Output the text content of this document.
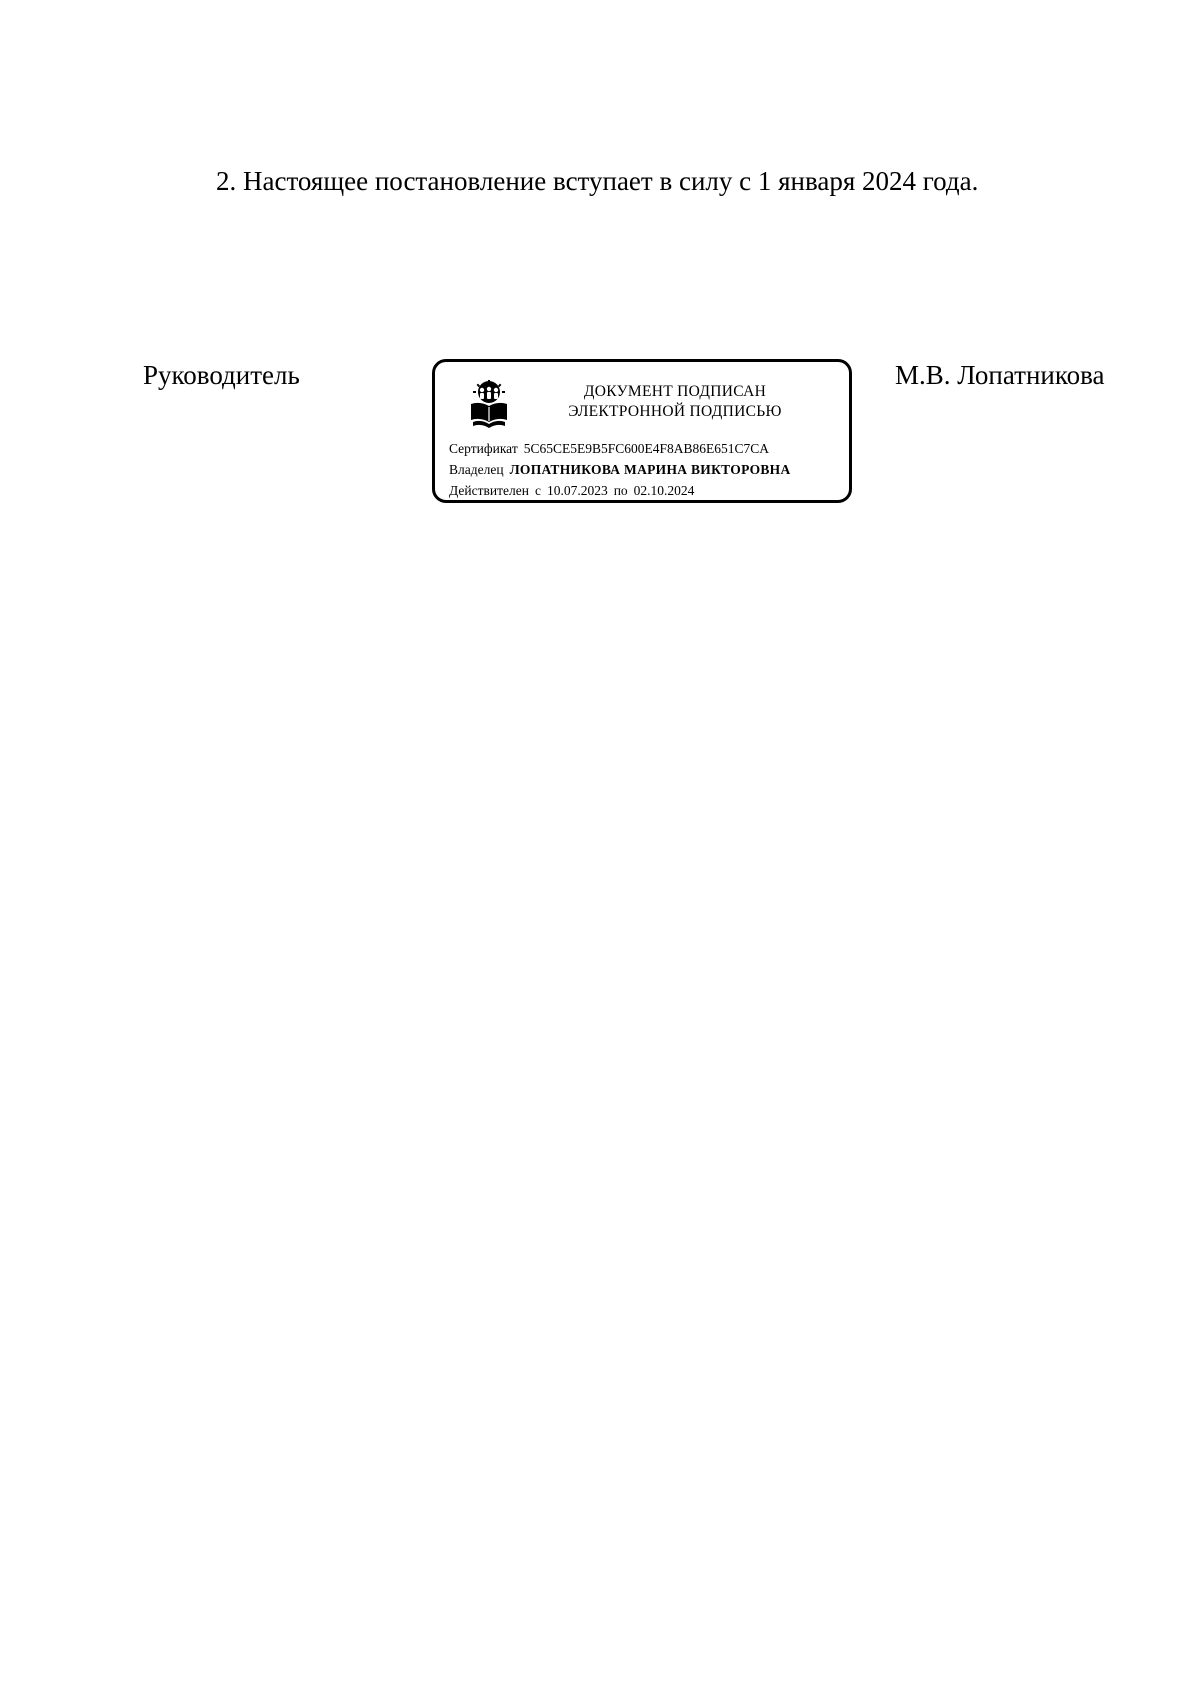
2. Настоящее постановление вступает в силу с 1 января 2024 года.
Руководитель
ДОКУМЕНТ ПОДПИСАН
ЭЛЕКТРОННОЙ ПОДПИСЬЮ
Сертификат 5C65CE5E9B5FC600E4F8AB86E651C7CA
Владелец ЛОПАТНИКОВА МАРИНА ВИКТОРОВНА
Действителен с 10.07.2023 по 02.10.2024
М.В. Лопатникова
